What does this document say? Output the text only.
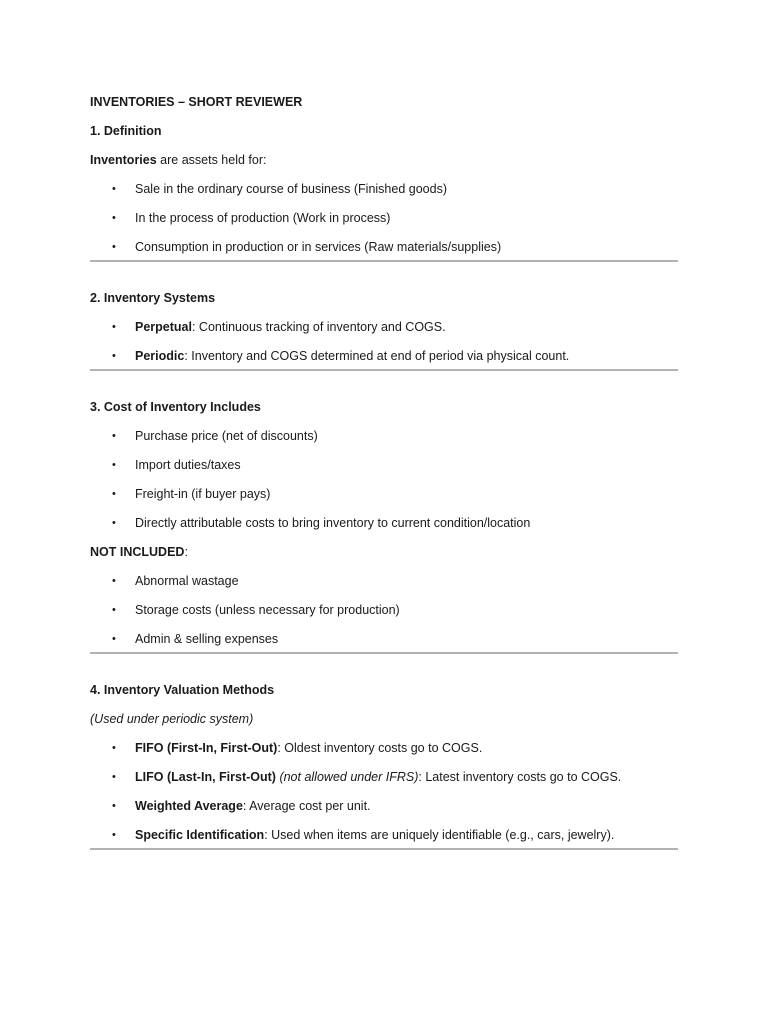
INVENTORIES – SHORT REVIEWER
1. Definition
Inventories are assets held for:
• Sale in the ordinary course of business (Finished goods)
• In the process of production (Work in process)
• Consumption in production or in services (Raw materials/supplies)
2. Inventory Systems
• Perpetual: Continuous tracking of inventory and COGS.
• Periodic: Inventory and COGS determined at end of period via physical count.
3. Cost of Inventory Includes
• Purchase price (net of discounts)
• Import duties/taxes
• Freight-in (if buyer pays)
• Directly attributable costs to bring inventory to current condition/location
NOT INCLUDED:
• Abnormal wastage
• Storage costs (unless necessary for production)
• Admin & selling expenses
4. Inventory Valuation Methods
(Used under periodic system)
• FIFO (First-In, First-Out): Oldest inventory costs go to COGS.
• LIFO (Last-In, First-Out) (not allowed under IFRS): Latest inventory costs go to COGS.
• Weighted Average: Average cost per unit.
• Specific Identification: Used when items are uniquely identifiable (e.g., cars, jewelry).
